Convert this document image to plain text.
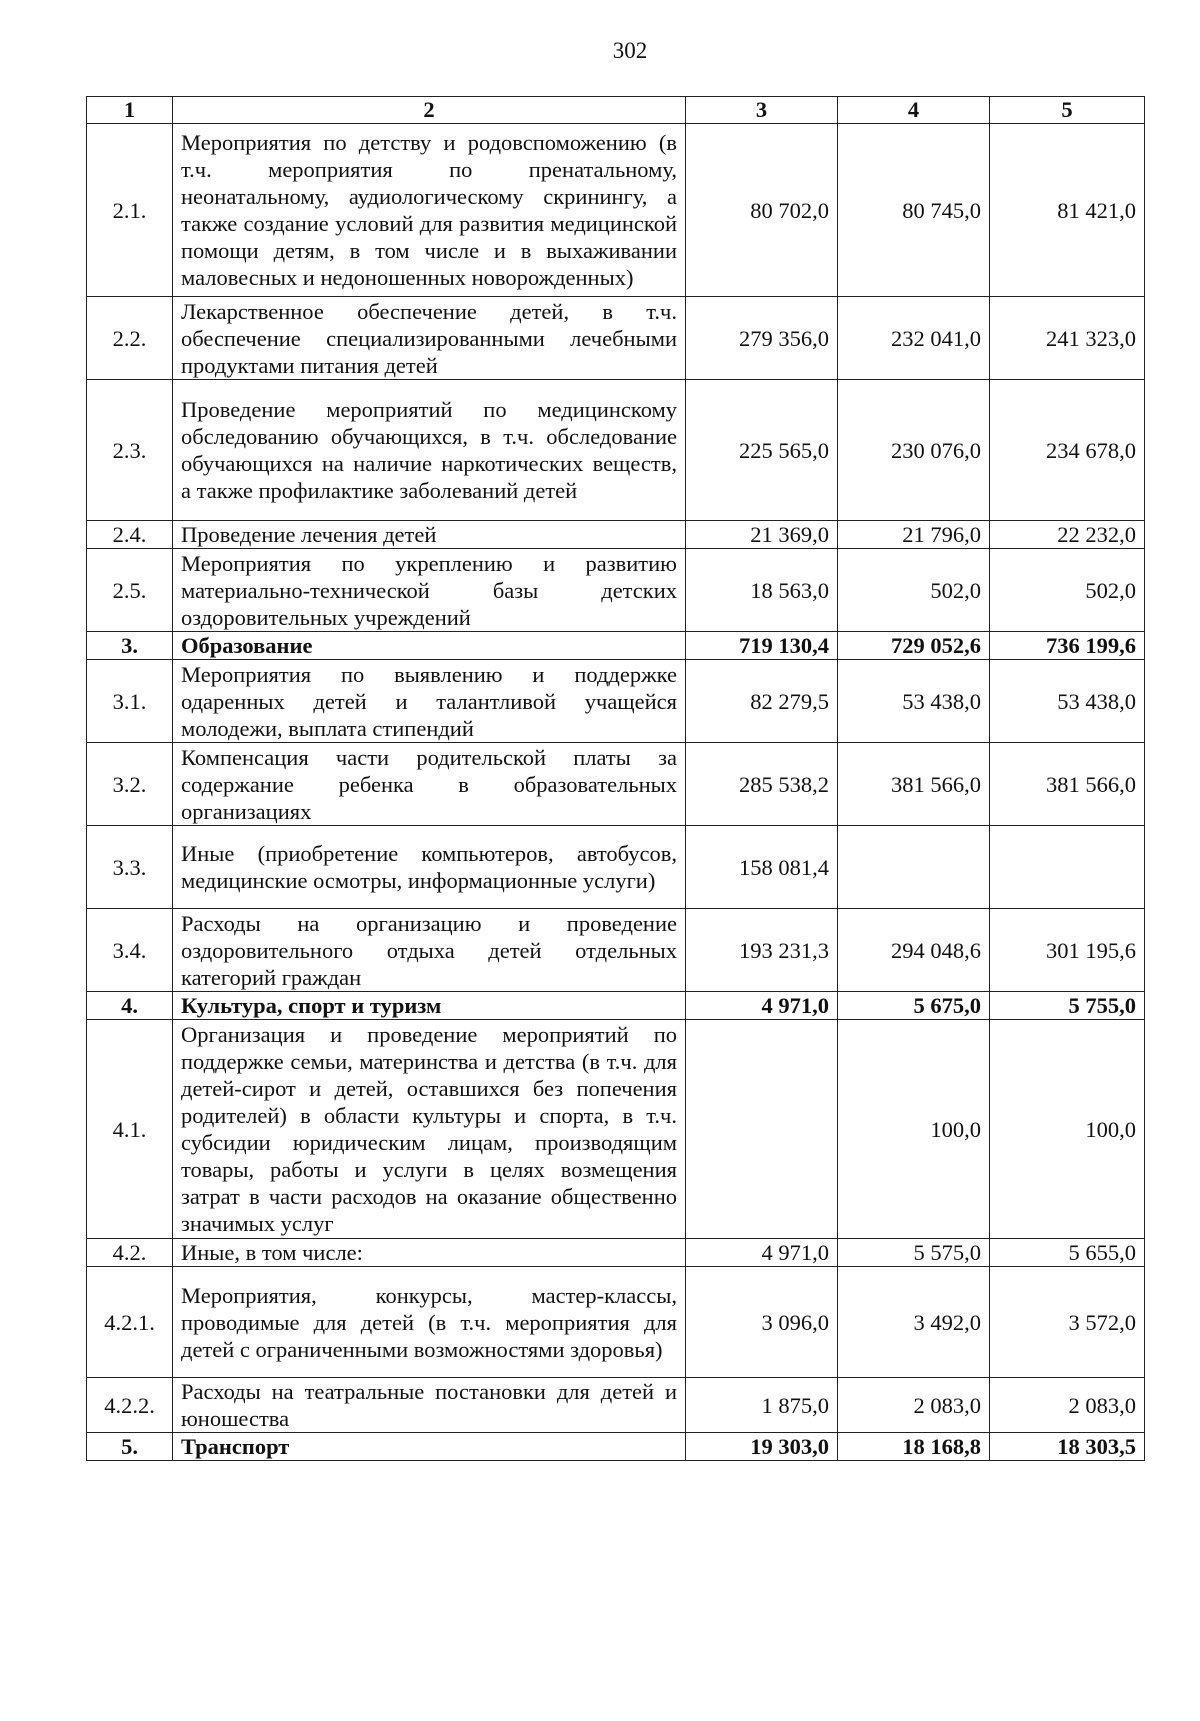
302
1	2	3	4	5
2.1.	Мероприятия по детству и родовспоможению (в т.ч. мероприятия по пренатальному, неонатальному, аудиологическому скринингу, а также создание условий для развития медицинской помощи детям, в том числе и в выхаживании маловесных и недоношенных новорожденных)	80 702,0	80 745,0	81 421,0
2.2.	Лекарственное обеспечение детей, в т.ч. обеспечение специализированными лечебными продуктами питания детей	279 356,0	232 041,0	241 323,0
2.3.	Проведение мероприятий по медицинскому обследованию обучающихся, в т.ч. обследование обучающихся на наличие наркотических веществ, а также профилактике заболеваний детей	225 565,0	230 076,0	234 678,0
2.4.	Проведение лечения детей	21 369,0	21 796,0	22 232,0
2.5.	Мероприятия по укреплению и развитию материально-технической базы детских оздоровительных учреждений	18 563,0	502,0	502,0
3.	Образование	719 130,4	729 052,6	736 199,6
3.1.	Мероприятия по выявлению и поддержке одаренных детей и талантливой учащейся молодежи, выплата стипендий	82 279,5	53 438,0	53 438,0
3.2.	Компенсация части родительской платы за содержание ребенка в образовательных организациях	285 538,2	381 566,0	381 566,0
3.3.	Иные (приобретение компьютеров, автобусов, медицинские осмотры, информационные услуги)	158 081,4		
3.4.	Расходы на организацию и проведение оздоровительного отдыха детей отдельных категорий граждан	193 231,3	294 048,6	301 195,6
4.	Культура, спорт и туризм	4 971,0	5 675,0	5 755,0
4.1.	Организация и проведение мероприятий по поддержке семьи, материнства и детства (в т.ч. для детей-сирот и детей, оставшихся без попечения родителей) в области культуры и спорта, в т.ч. субсидии юридическим лицам, производящим товары, работы и услуги в целях возмещения затрат в части расходов на оказание общественно значимых услуг		100,0	100,0
4.2.	Иные, в том числе:	4 971,0	5 575,0	5 655,0
4.2.1.	Мероприятия, конкурсы, мастер-классы, проводимые для детей (в т.ч. мероприятия для детей с ограниченными возможностями здоровья)	3 096,0	3 492,0	3 572,0
4.2.2.	Расходы на театральные постановки для детей и юношества	1 875,0	2 083,0	2 083,0
5.	Транспорт	19 303,0	18 168,8	18 303,5
